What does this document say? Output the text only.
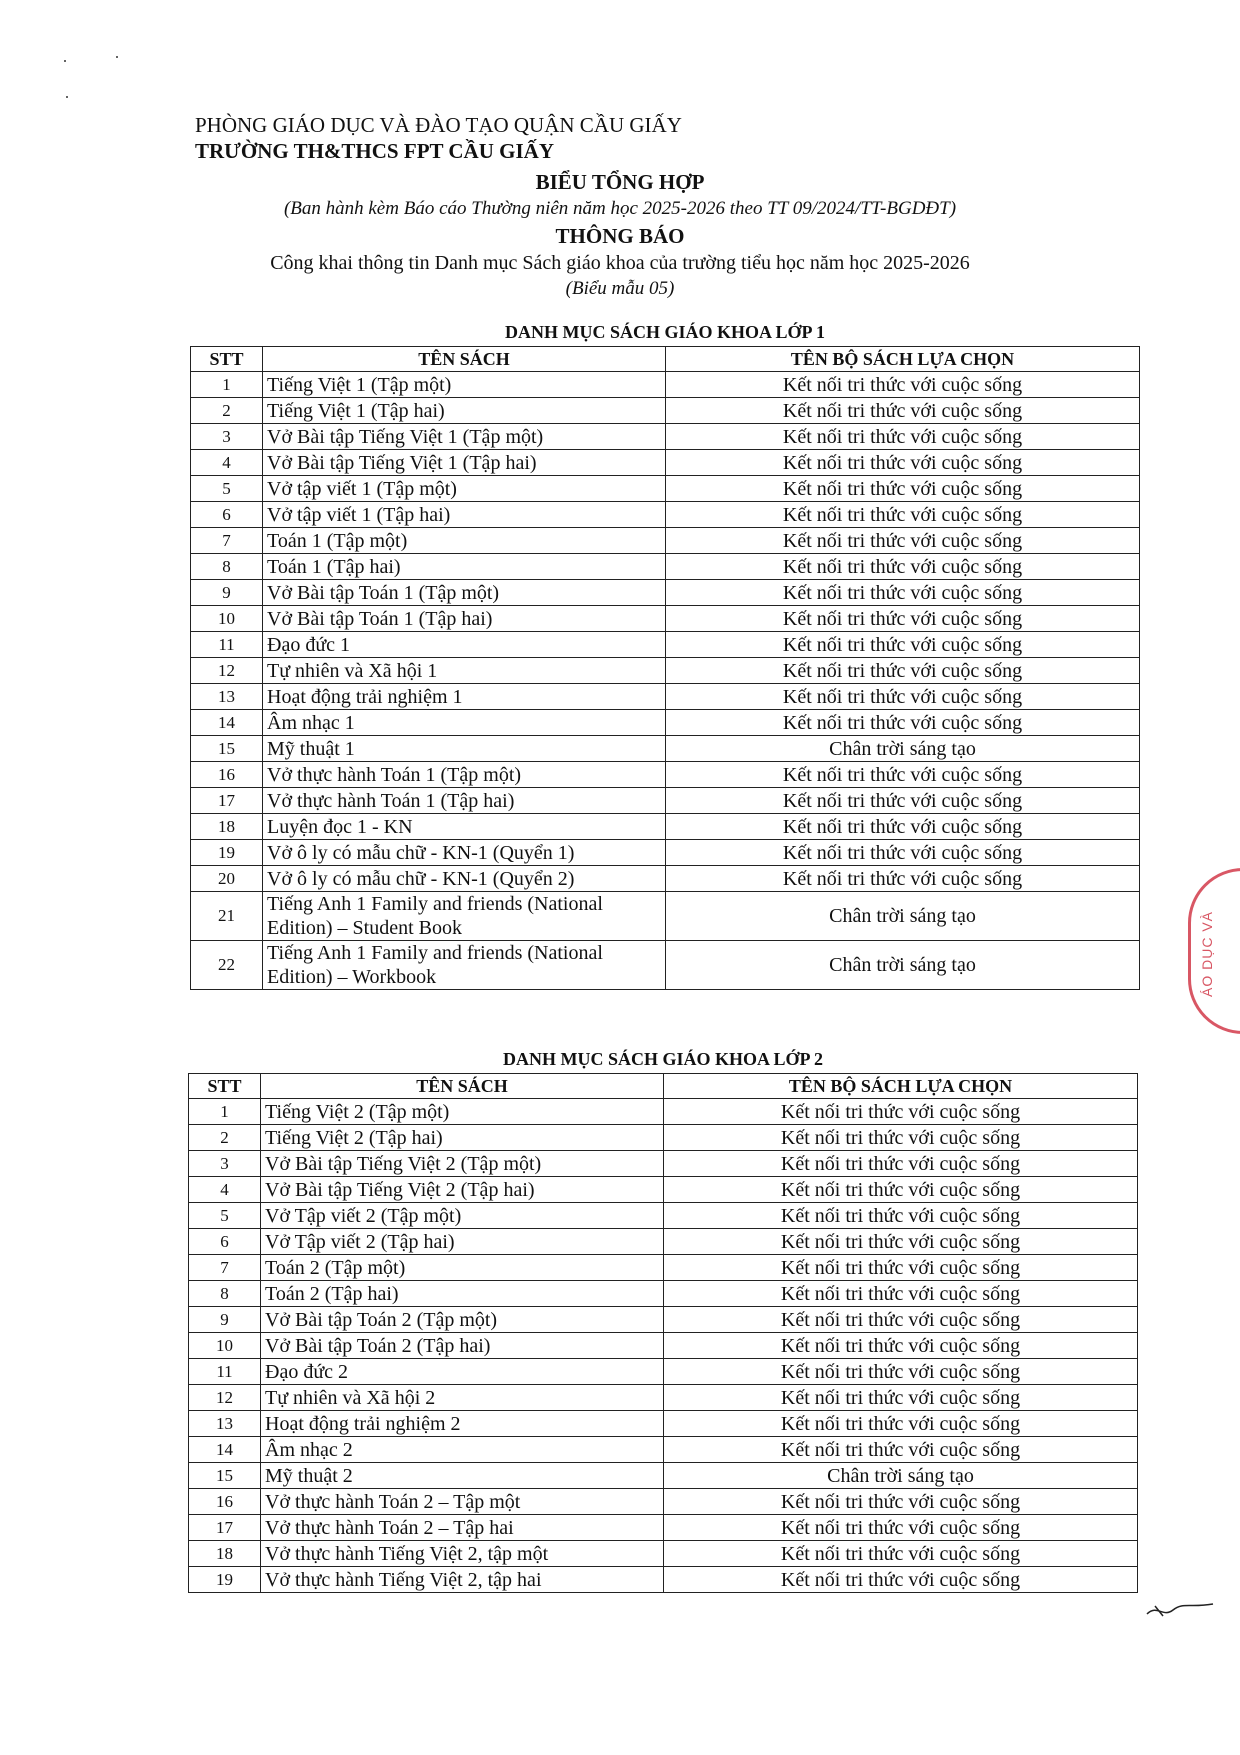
PHÒNG GIÁO DỤC VÀ ĐÀO TẠO QUẬN CẦU GIẤY
TRƯỜNG TH&THCS FPT CẦU GIẤY
BIỂU TỔNG HỢP
(Ban hành kèm Báo cáo Thường niên năm học 2025-2026 theo TT 09/2024/TT-BGDĐT)
THÔNG BÁO
Công khai thông tin Danh mục Sách giáo khoa của trường tiểu học năm học 2025-2026
(Biểu mẫu 05)
DANH MỤC SÁCH GIÁO KHOA LỚP 1
STT	TÊN SÁCH	TÊN BỘ SÁCH LỰA CHỌN
1	Tiếng Việt 1 (Tập một)	Kết nối tri thức với cuộc sống
2	Tiếng Việt 1 (Tập hai)	Kết nối tri thức với cuộc sống
3	Vở Bài tập Tiếng Việt 1 (Tập một)	Kết nối tri thức với cuộc sống
4	Vở Bài tập Tiếng Việt 1 (Tập hai)	Kết nối tri thức với cuộc sống
5	Vở tập viết 1 (Tập một)	Kết nối tri thức với cuộc sống
6	Vở tập viết 1 (Tập hai)	Kết nối tri thức với cuộc sống
7	Toán 1 (Tập một)	Kết nối tri thức với cuộc sống
8	Toán 1 (Tập hai)	Kết nối tri thức với cuộc sống
9	Vở Bài tập Toán 1 (Tập một)	Kết nối tri thức với cuộc sống
10	Vở Bài tập Toán 1 (Tập hai)	Kết nối tri thức với cuộc sống
11	Đạo đức 1	Kết nối tri thức với cuộc sống
12	Tự nhiên và Xã hội 1	Kết nối tri thức với cuộc sống
13	Hoạt động trải nghiệm 1	Kết nối tri thức với cuộc sống
14	Âm nhạc 1	Kết nối tri thức với cuộc sống
15	Mỹ thuật 1	Chân trời sáng tạo
16	Vở thực hành Toán 1 (Tập một)	Kết nối tri thức với cuộc sống
17	Vở thực hành Toán 1 (Tập hai)	Kết nối tri thức với cuộc sống
18	Luyện đọc 1 - KN	Kết nối tri thức với cuộc sống
19	Vở ô ly có mẫu chữ - KN-1 (Quyển 1)	Kết nối tri thức với cuộc sống
20	Vở ô ly có mẫu chữ - KN-1 (Quyển 2)	Kết nối tri thức với cuộc sống
21	Tiếng Anh 1 Family and friends (National Edition) – Student Book	Chân trời sáng tạo
22	Tiếng Anh 1 Family and friends (National Edition) – Workbook	Chân trời sáng tạo
DANH MỤC SÁCH GIÁO KHOA LỚP 2
STT	TÊN SÁCH	TÊN BỘ SÁCH LỰA CHỌN
1	Tiếng Việt 2 (Tập một)	Kết nối tri thức với cuộc sống
2	Tiếng Việt 2 (Tập hai)	Kết nối tri thức với cuộc sống
3	Vở Bài tập Tiếng Việt 2 (Tập một)	Kết nối tri thức với cuộc sống
4	Vở Bài tập Tiếng Việt 2 (Tập hai)	Kết nối tri thức với cuộc sống
5	Vở Tập viết 2 (Tập một)	Kết nối tri thức với cuộc sống
6	Vở Tập viết 2 (Tập hai)	Kết nối tri thức với cuộc sống
7	Toán 2 (Tập một)	Kết nối tri thức với cuộc sống
8	Toán 2 (Tập hai)	Kết nối tri thức với cuộc sống
9	Vở Bài tập Toán 2 (Tập một)	Kết nối tri thức với cuộc sống
10	Vở Bài tập Toán 2 (Tập hai)	Kết nối tri thức với cuộc sống
11	Đạo đức 2	Kết nối tri thức với cuộc sống
12	Tự nhiên và Xã hội 2	Kết nối tri thức với cuộc sống
13	Hoạt động trải nghiệm 2	Kết nối tri thức với cuộc sống
14	Âm nhạc 2	Kết nối tri thức với cuộc sống
15	Mỹ thuật 2	Chân trời sáng tạo
16	Vở thực hành Toán 2 – Tập một	Kết nối tri thức với cuộc sống
17	Vở thực hành Toán 2 – Tập hai	Kết nối tri thức với cuộc sống
18	Vở thực hành Tiếng Việt 2, tập một	Kết nối tri thức với cuộc sống
19	Vở thực hành Tiếng Việt 2, tập hai	Kết nối tri thức với cuộc sống
ÁO DỤC VÀ
